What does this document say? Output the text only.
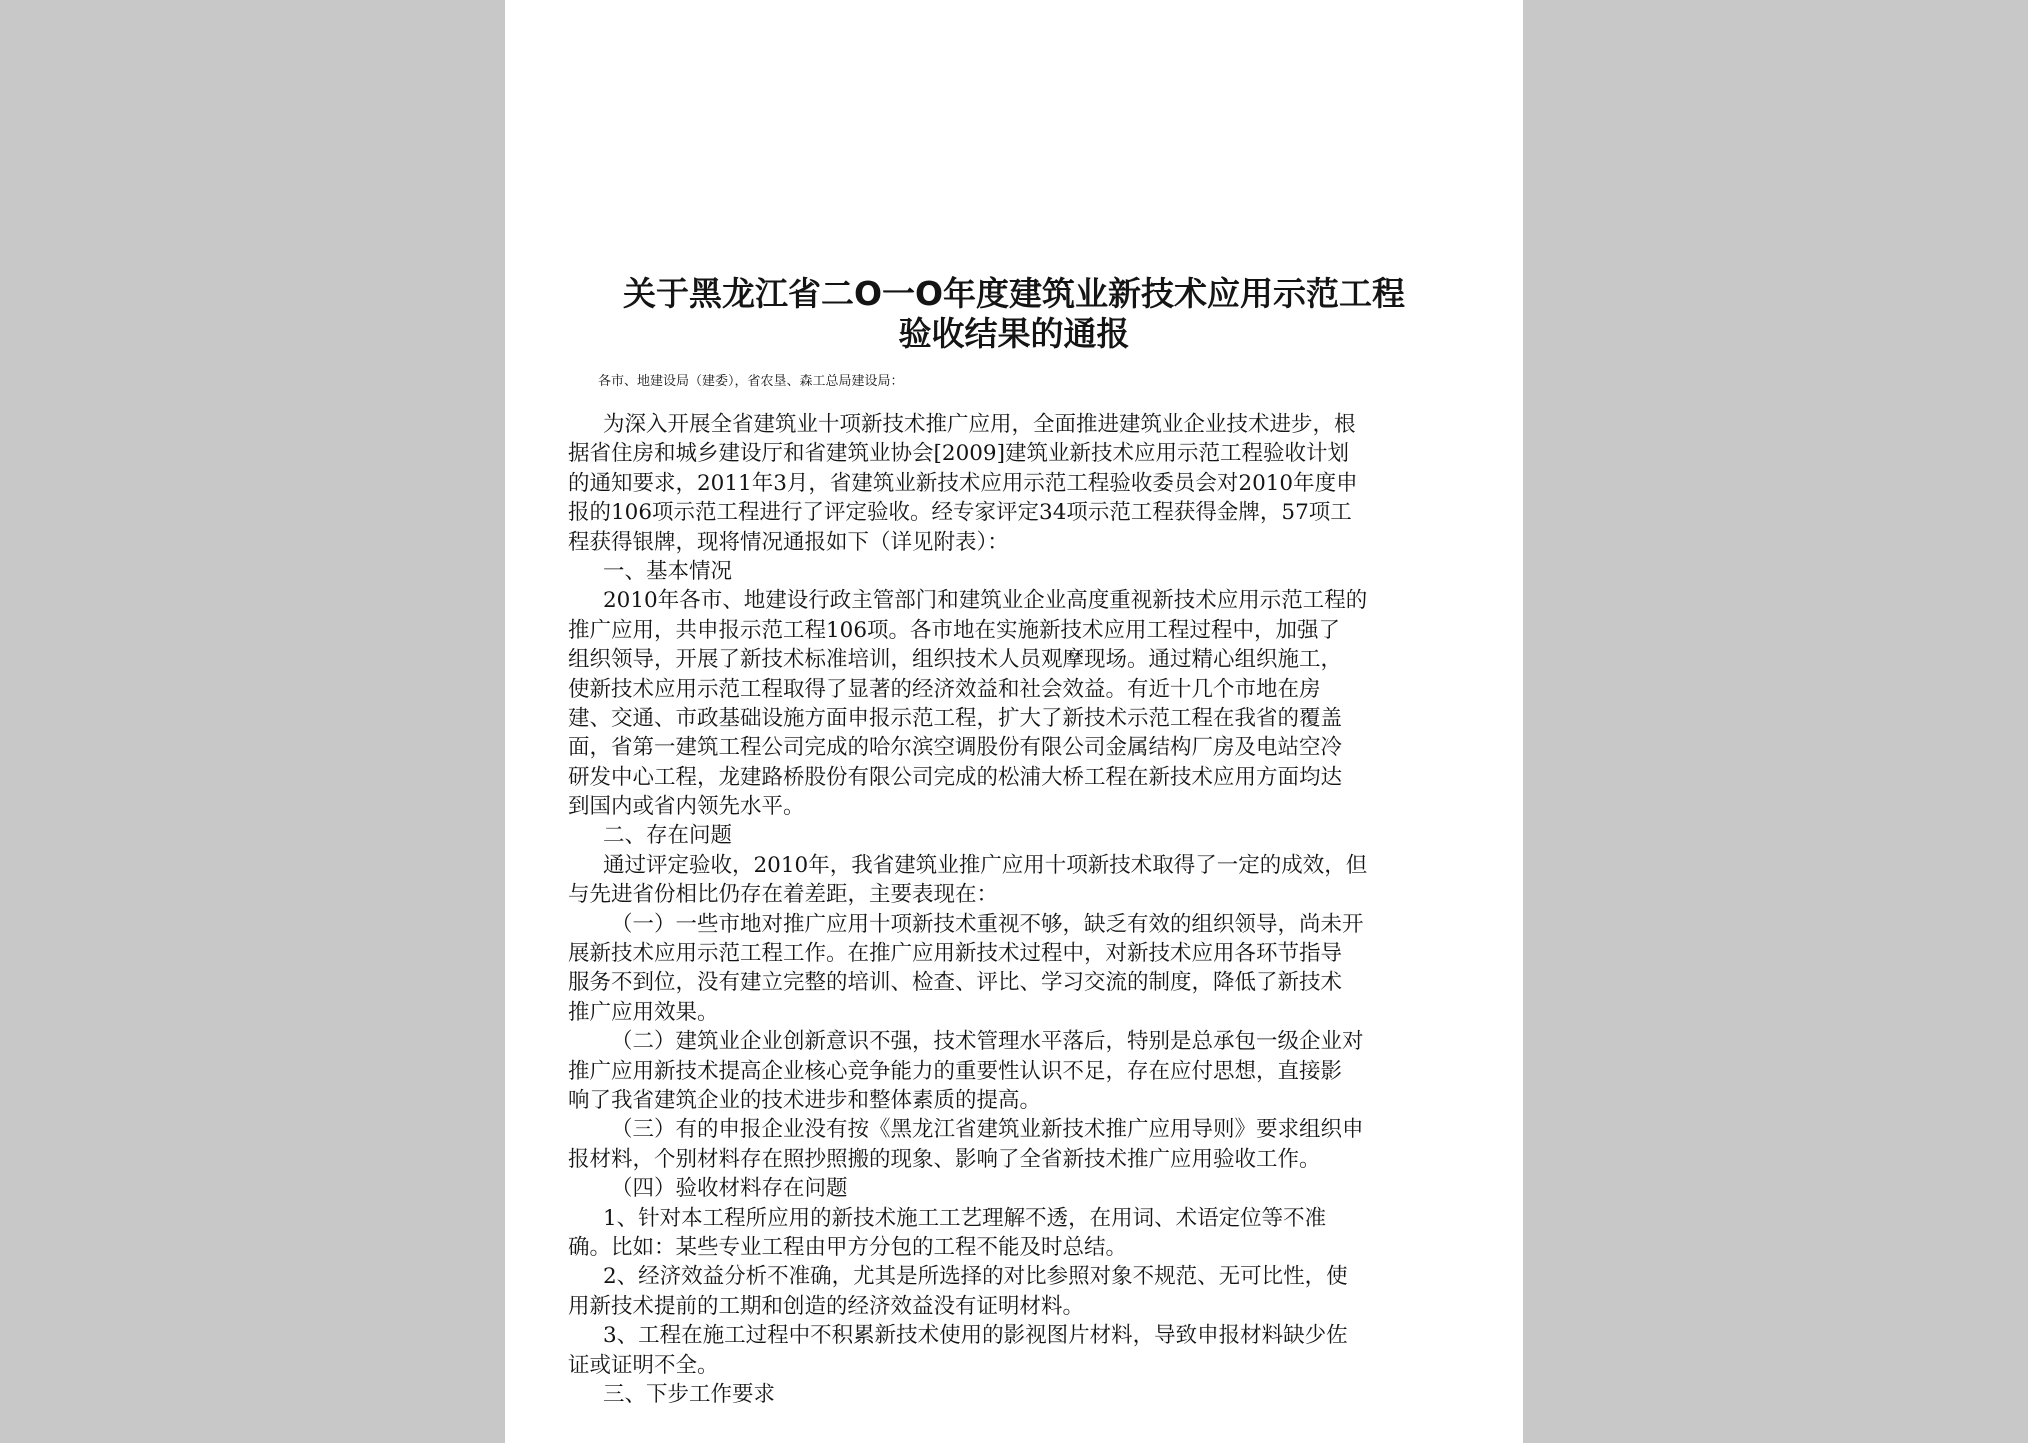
关于黑龙江省二O一O年度建筑业新技术应用示范工程
验收结果的通报
各市、地建设局（建委），省农垦、森工总局建设局：
为深入开展全省建筑业十项新技术推广应用，全面推进建筑业企业技术进步，根
据省住房和城乡建设厅和省建筑业协会[2009]建筑业新技术应用示范工程验收计划
的通知要求，2011年3月，省建筑业新技术应用示范工程验收委员会对2010年度申
报的106项示范工程进行了评定验收。经专家评定34项示范工程获得金牌，57项工
程获得银牌，现将情况通报如下（详见附表）：
一、基本情况
2010年各市、地建设行政主管部门和建筑业企业高度重视新技术应用示范工程的
推广应用，共申报示范工程106项。各市地在实施新技术应用工程过程中，加强了
组织领导，开展了新技术标准培训，组织技术人员观摩现场。通过精心组织施工，
使新技术应用示范工程取得了显著的经济效益和社会效益。有近十几个市地在房
建、交通、市政基础设施方面申报示范工程，扩大了新技术示范工程在我省的覆盖
面，省第一建筑工程公司完成的哈尔滨空调股份有限公司金属结构厂房及电站空冷
研发中心工程，龙建路桥股份有限公司完成的松浦大桥工程在新技术应用方面均达
到国内或省内领先水平。
二、存在问题
通过评定验收，2010年，我省建筑业推广应用十项新技术取得了一定的成效，但
与先进省份相比仍存在着差距，主要表现在：
（一）一些市地对推广应用十项新技术重视不够，缺乏有效的组织领导，尚未开
展新技术应用示范工程工作。在推广应用新技术过程中，对新技术应用各环节指导
服务不到位，没有建立完整的培训、检查、评比、学习交流的制度，降低了新技术
推广应用效果。
（二）建筑业企业创新意识不强，技术管理水平落后，特别是总承包一级企业对
推广应用新技术提高企业核心竞争能力的重要性认识不足，存在应付思想，直接影
响了我省建筑企业的技术进步和整体素质的提高。
（三）有的申报企业没有按《黑龙江省建筑业新技术推广应用导则》要求组织申
报材料，个别材料存在照抄照搬的现象、影响了全省新技术推广应用验收工作。
（四）验收材料存在问题
1、针对本工程所应用的新技术施工工艺理解不透，在用词、术语定位等不准
确。比如：某些专业工程由甲方分包的工程不能及时总结。
2、经济效益分析不准确，尤其是所选择的对比参照对象不规范、无可比性，使
用新技术提前的工期和创造的经济效益没有证明材料。
3、工程在施工过程中不积累新技术使用的影视图片材料，导致申报材料缺少佐
证或证明不全。
三、下步工作要求
